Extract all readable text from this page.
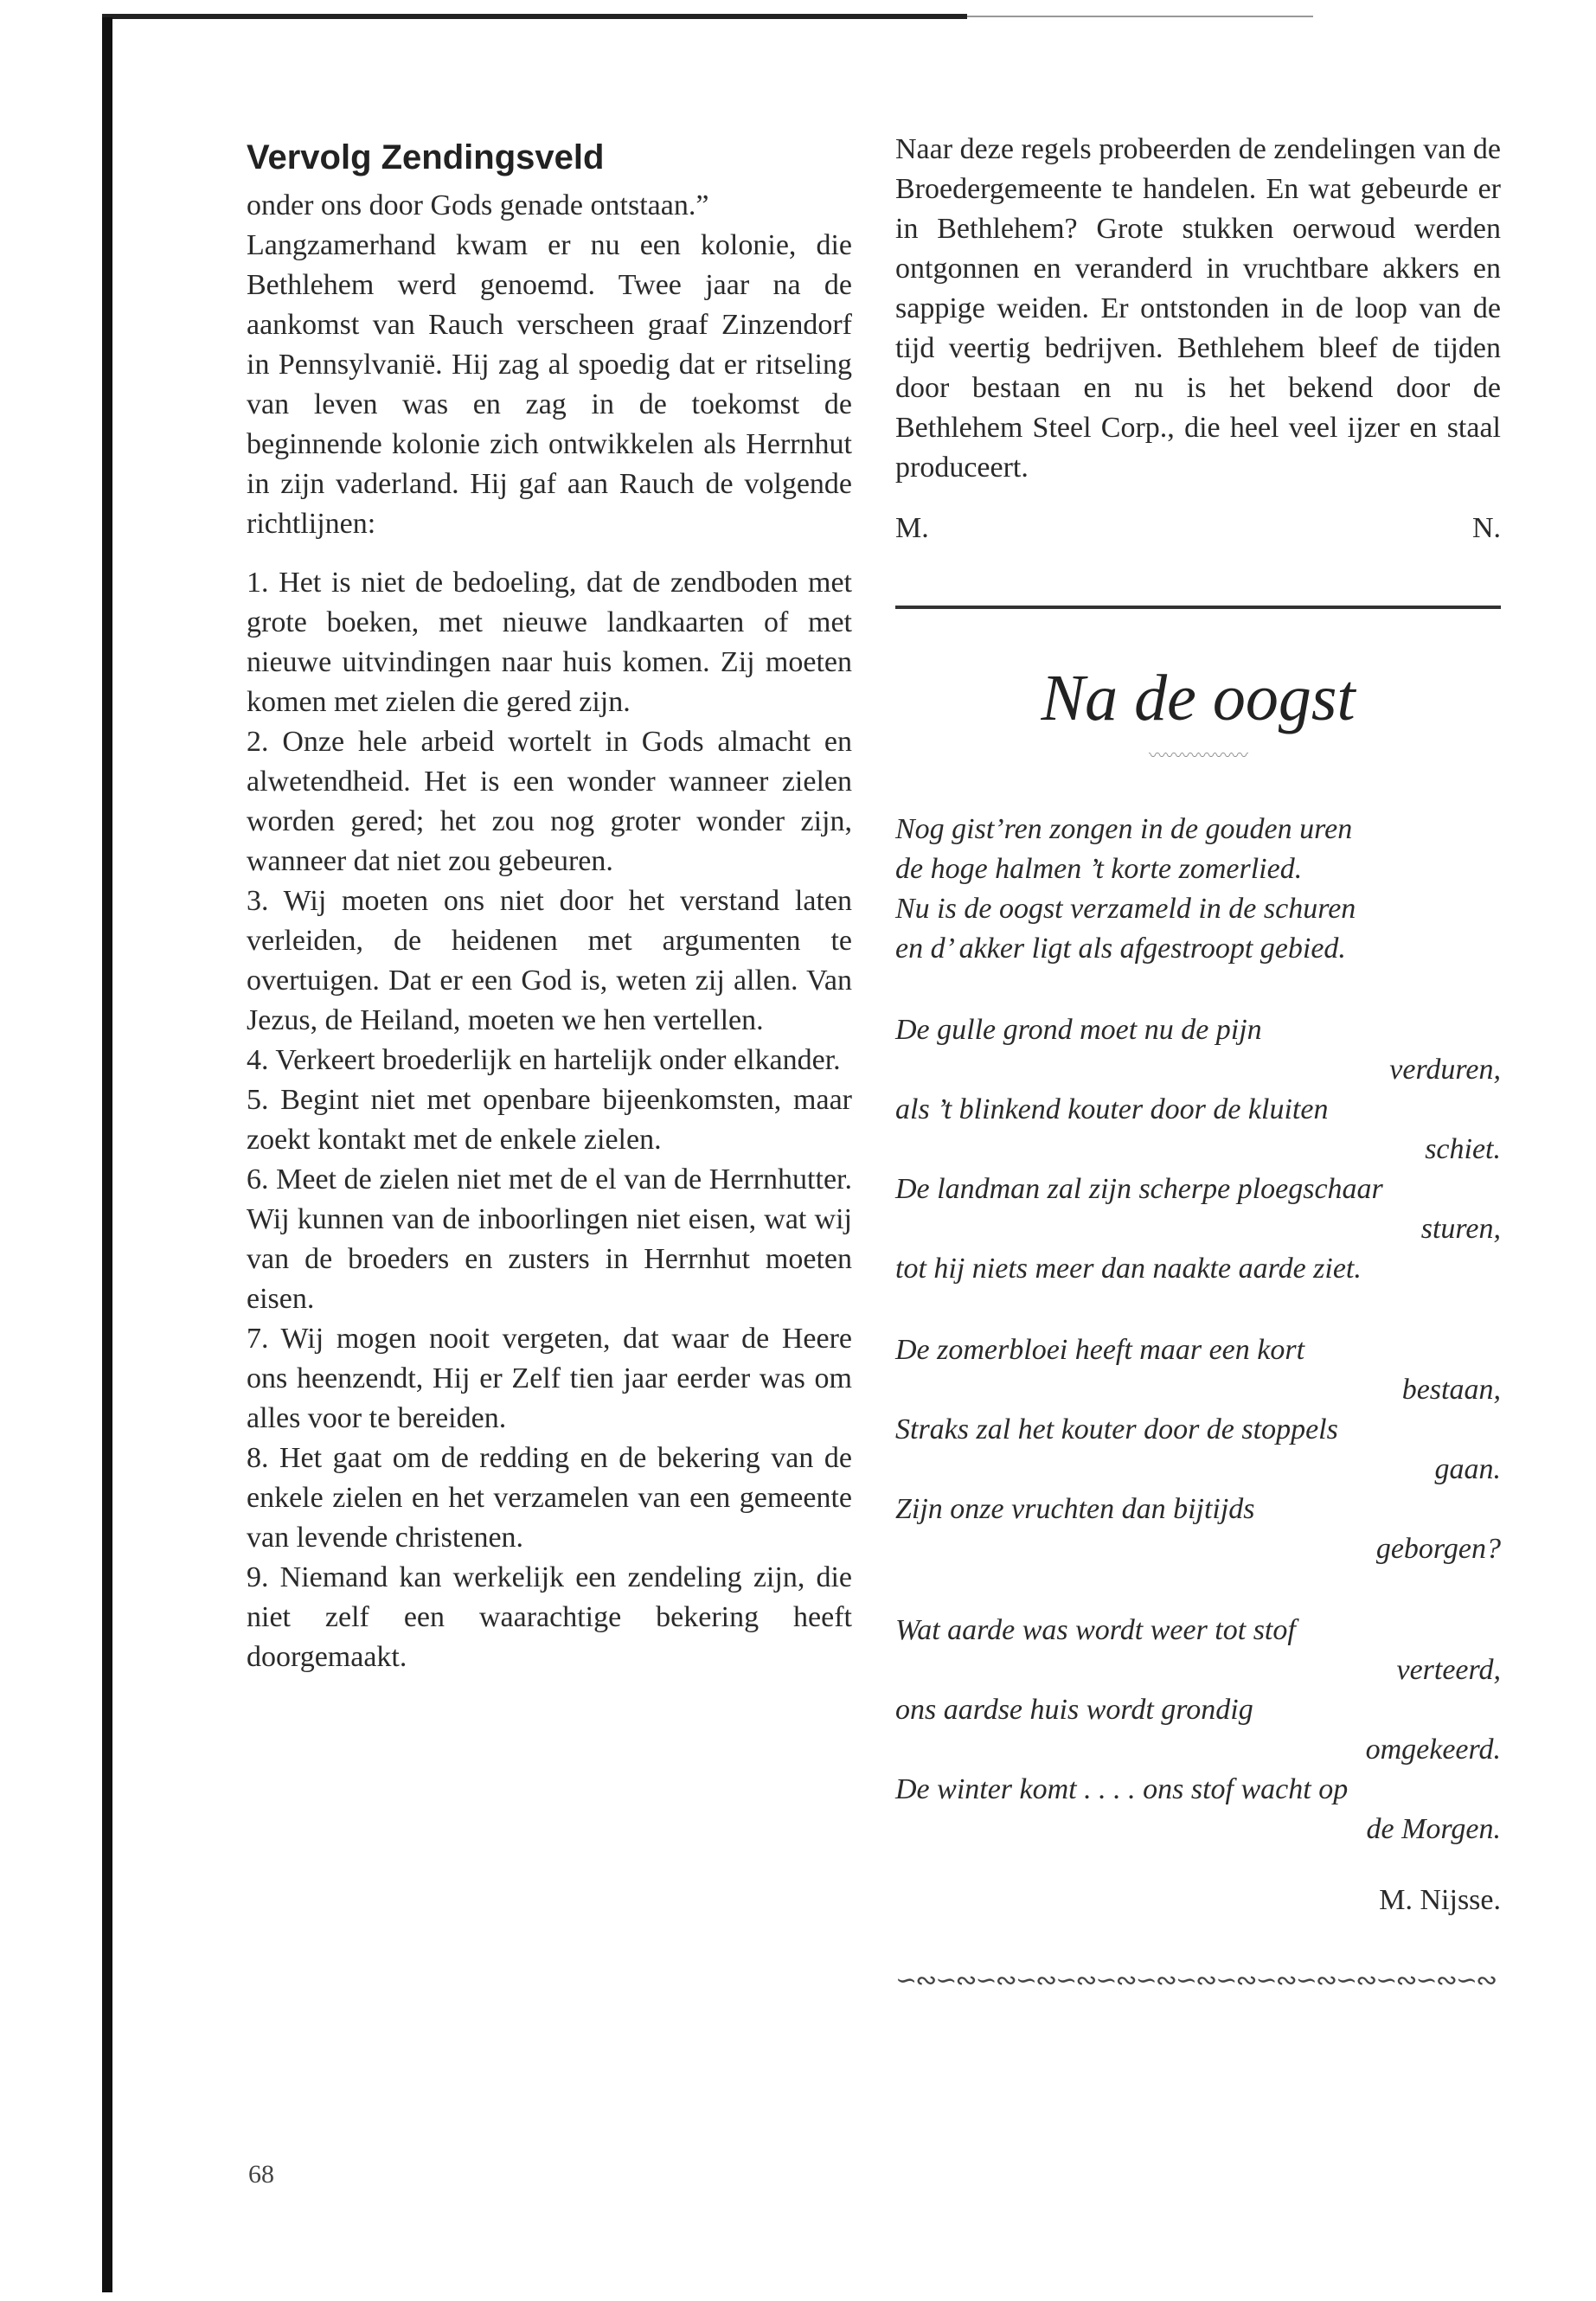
Vervolg Zendingsveld

onder ons door Gods genade ontstaan.”

Langzamerhand kwam er nu een kolonie, die Bethlehem werd genoemd. Twee jaar na de aankomst van Rauch verscheen graaf Zinzendorf in Pennsylvanië. Hij zag al spoedig dat er ritseling van leven was en zag in de toekomst de beginnende kolonie zich ontwikkelen als Herrnhut in zijn vaderland. Hij gaf aan Rauch de volgende richtlijnen:

1. Het is niet de bedoeling, dat de zendboden met grote boeken, met nieuwe landkaarten of met nieuwe uitvindingen naar huis komen. Zij moeten komen met zielen die gered zijn.

2. Onze hele arbeid wortelt in Gods almacht en alwetendheid. Het is een wonder wanneer zielen worden gered; het zou nog groter wonder zijn, wanneer dat niet zou gebeuren.

3. Wij moeten ons niet door het verstand laten verleiden, de heidenen met argumenten te overtuigen. Dat er een God is, weten zij allen. Van Jezus, de Heiland, moeten we hen vertellen.

4. Verkeert broederlijk en hartelijk onder elkander.

5. Begint niet met openbare bijeenkomsten, maar zoekt kontakt met de enkele zielen.

6. Meet de zielen niet met de el van de Herrnhutter. Wij kunnen van de inboorlingen niet eisen, wat wij van de broeders en zusters in Herrnhut moeten eisen.

7. Wij mogen nooit vergeten, dat waar de Heere ons heenzendt, Hij er Zelf tien jaar eerder was om alles voor te bereiden.

8. Het gaat om de redding en de bekering van de enkele zielen en het verzamelen van een gemeente van levende christenen.

9. Niemand kan werkelijk een zendeling zijn, die niet zelf een waarachtige bekering heeft doorgemaakt.

Naar deze regels probeerden de zendelingen van de Broedergemeente te handelen. En wat gebeurde er in Bethlehem? Grote stukken oerwoud werden ontgonnen en veranderd in vruchtbare akkers en sappige weiden. Er ontstonden in de loop van de tijd veertig bedrijven. Bethlehem bleef de tijden door bestaan en nu is het bekend door de Bethlehem Steel Corp., die heel veel ijzer en staal produceert.

M.	N.
Na de oogst
〰〰〰〰〰〰
Nog gist’ren zongen in de gouden uren
de hoge halmen ’t korte zomerlied.
Nu is de oogst verzameld in de schuren
en d’ akker ligt als afgestroopt gebied.
De gulle grond moet nu de pijn
verduren,
als ’t blinkend kouter door de kluiten
schiet.
De landman zal zijn scherpe ploegschaar
sturen,
tot hij niets meer dan naakte aarde ziet.
De zomerbloei heeft maar een kort
bestaan,
Straks zal het kouter door de stoppels
gaan.
Zijn onze vruchten dan bijtijds
geborgen?
Wat aarde was wordt weer tot stof
verteerd,
ons aardse huis wordt grondig
omgekeerd.
De winter komt . . . . ons stof wacht op
de Morgen.
M. Nijsse.
∽∾∽∾∽∾∽∾∽∾∽∾∽∾∽∾∽∾∽∾∽∾∽∾∽∾∽∾∽∾
68
